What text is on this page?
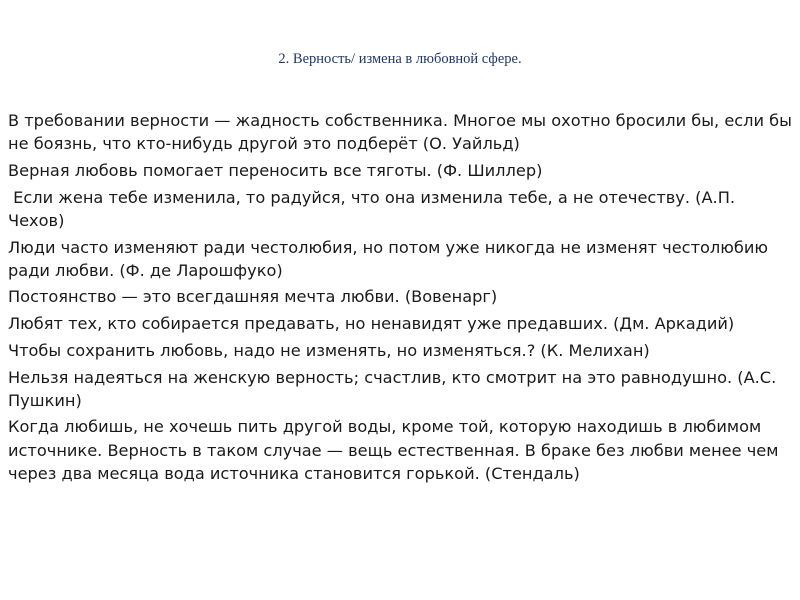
2. Верность/ измена в любовной сфере.

В требовании верности — жадность собственника. Многое мы охотно бросили бы, если бы не боязнь, что кто-нибудь другой это подберёт (О. Уайльд)

Верная любовь помогает переносить все тяготы. (Ф. Шиллер)

Если жена тебе изменила, то радуйся, что она изменила тебе, а не отечеству. (А.П. Чехов)

Люди часто изменяют ради честолюбия, но потом уже никогда не изменят честолюбию ради любви. (Ф. де Ларошфуко)

Постоянство — это всегдашняя мечта любви. (Вовенарг)

Любят тех, кто собирается предавать, но ненавидят уже предавших. (Дм. Аркадий)

Чтобы сохранить любовь, надо не изменять, но изменяться.? (К. Мелихан)

Нельзя надеяться на женскую верность; счастлив, кто смотрит на это равнодушно. (А.С. Пушкин)

Когда любишь, не хочешь пить другой воды, кроме той, которую находишь в любимом источнике. Верность в таком случае — вещь естественная. В браке без любви менее чем через два месяца вода источника становится горькой. (Стендаль)
